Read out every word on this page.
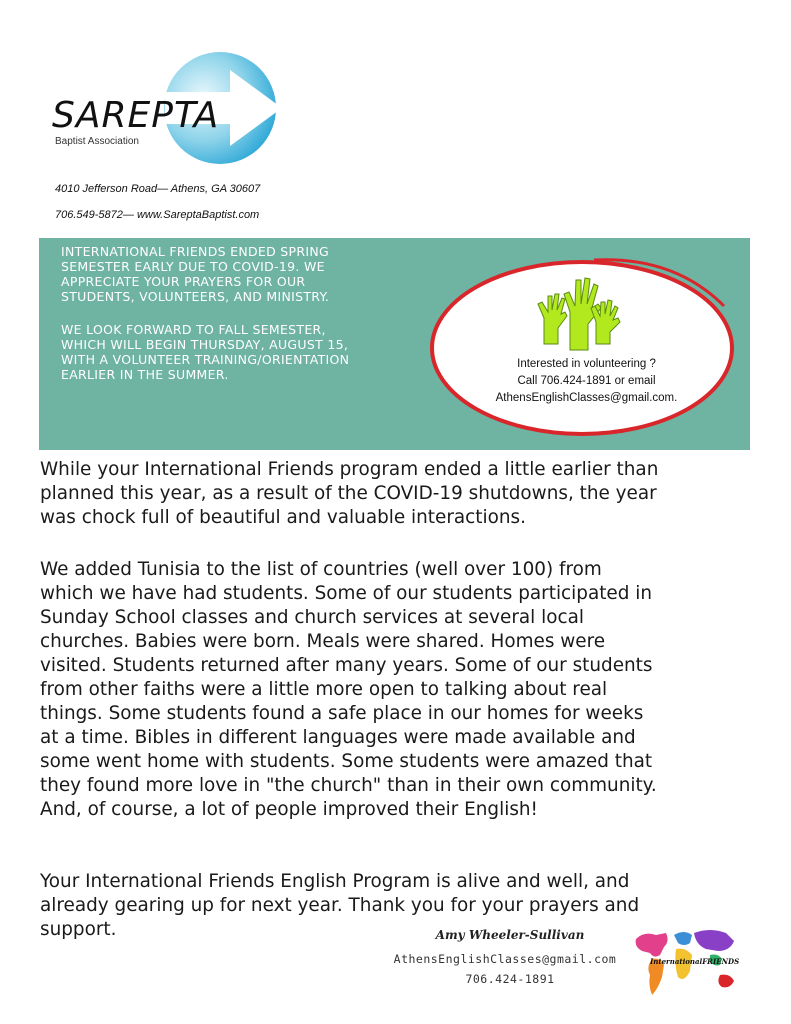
SAREPTA
Baptist Association
4010 Jefferson Road— Athens, GA 30607
706.549-5872— www.SareptaBaptist.com
INTERNATIONAL FRIENDS ENDED SPRING
SEMESTER EARLY DUE TO COVID-19. WE
APPRECIATE YOUR PRAYERS FOR OUR
STUDENTS, VOLUNTEERS, AND MINISTRY.
WE LOOK FORWARD TO FALL SEMESTER,
WHICH WILL BEGIN THURSDAY, AUGUST 15,
WITH A VOLUNTEER TRAINING/ORIENTATION
EARLIER IN THE SUMMER.
Interested in volunteering ?
Call 706.424-1891 or email
AthensEnglishClasses@gmail.com.
While your International Friends program ended a little earlier than
planned this year, as a result of the COVID-19 shutdowns, the year
was chock full of beautiful and valuable interactions.
We added Tunisia to the list of countries (well over 100) from
which we have had students. Some of our students participated in
Sunday School classes and church services at several local
churches. Babies were born. Meals were shared. Homes were
visited. Students returned after many years. Some of our students
from other faiths were a little more open to talking about real
things. Some students found a safe place in our homes for weeks
at a time. Bibles in different languages were made available and
some went home with students. Some students were amazed that
they found more love in "the church" than in their own community.
And, of course, a lot of people improved their English!
Your International Friends English Program is alive and well, and
already gearing up for next year. Thank you for your prayers and
support.	Amy Wheeler-Sullivan
AthensEnglishClasses@gmail.com
706.424-1891
InternationalFRIENDS
